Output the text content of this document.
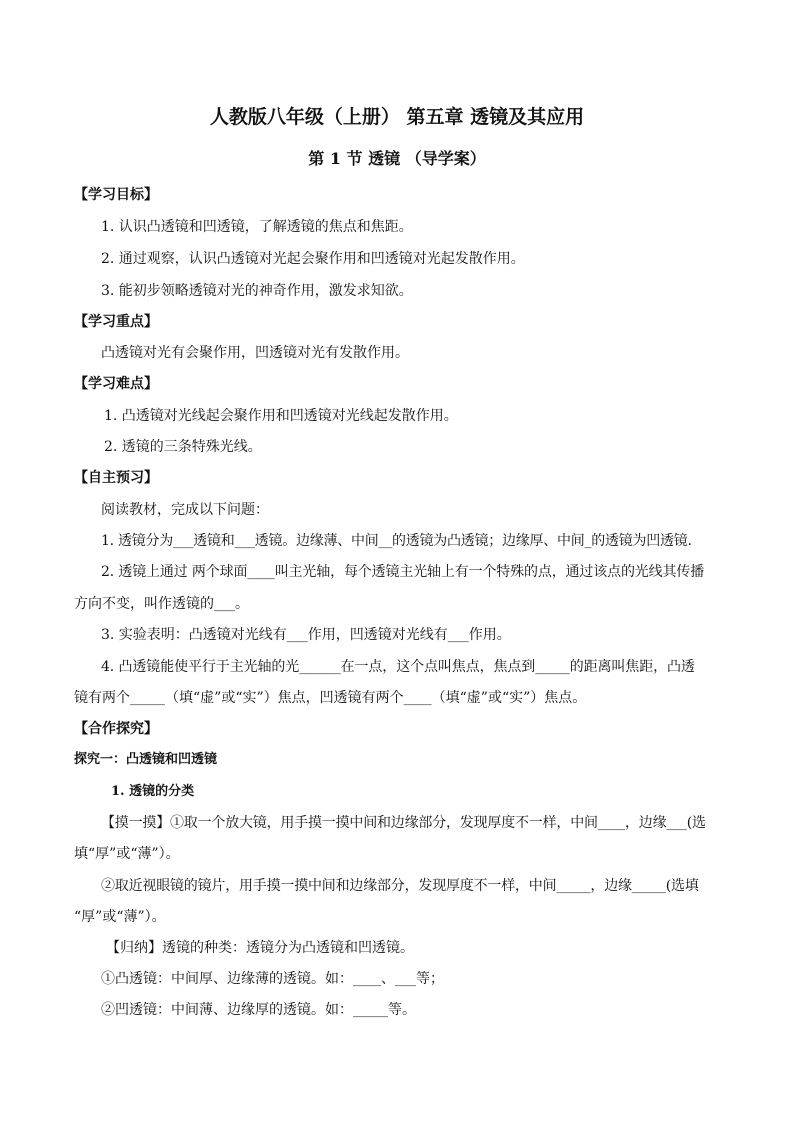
人教版八年级（上册） 第五章 透镜及其应用
第 1 节 透镜 （导学案）
【学习目标】
1. 认识凸透镜和凹透镜，了解透镜的焦点和焦距。
2. 通过观察，认识凸透镜对光起会聚作用和凹透镜对光起发散作用。
3. 能初步领略透镜对光的神奇作用，激发求知欲。
【学习重点】
凸透镜对光有会聚作用，凹透镜对光有发散作用。
【学习难点】
1. 凸透镜对光线起会聚作用和凹透镜对光线起发散作用。
2. 透镜的三条特殊光线。
【自主预习】
阅读教材，完成以下问题：
1. 透镜分为___透镜和___透镜。边缘薄、中间__的透镜为凸透镜；边缘厚、中间_的透镜为凹透镜.
2. 透镜上通过 两个球面____叫主光轴，每个透镜主光轴上有一个特殊的点，通过该点的光线其传播
方向不变，叫作透镜的___。
3. 实验表明：凸透镜对光线有___作用，凹透镜对光线有___作用。
4. 凸透镜能使平行于主光轴的光______在一点，这个点叫焦点，焦点到_____的距离叫焦距，凸透
镜有两个_____（填“虚”或“实”）焦点，凹透镜有两个____（填“虚”或“实”）焦点。
【合作探究】
探究一：凸透镜和凹透镜
1. 透镜的分类
【摸一摸】①取一个放大镜，用手摸一摸中间和边缘部分，发现厚度不一样，中间____，边缘___(选
填“厚”或“薄”）。
②取近视眼镜的镜片，用手摸一摸中间和边缘部分，发现厚度不一样，中间_____，边缘_____(选填
“厚”或“薄”）。
【归纳】透镜的种类：透镜分为凸透镜和凹透镜。
①凸透镜：中间厚、边缘薄的透镜。如：____、___等；
②凹透镜：中间薄、边缘厚的透镜。如：_____等。
